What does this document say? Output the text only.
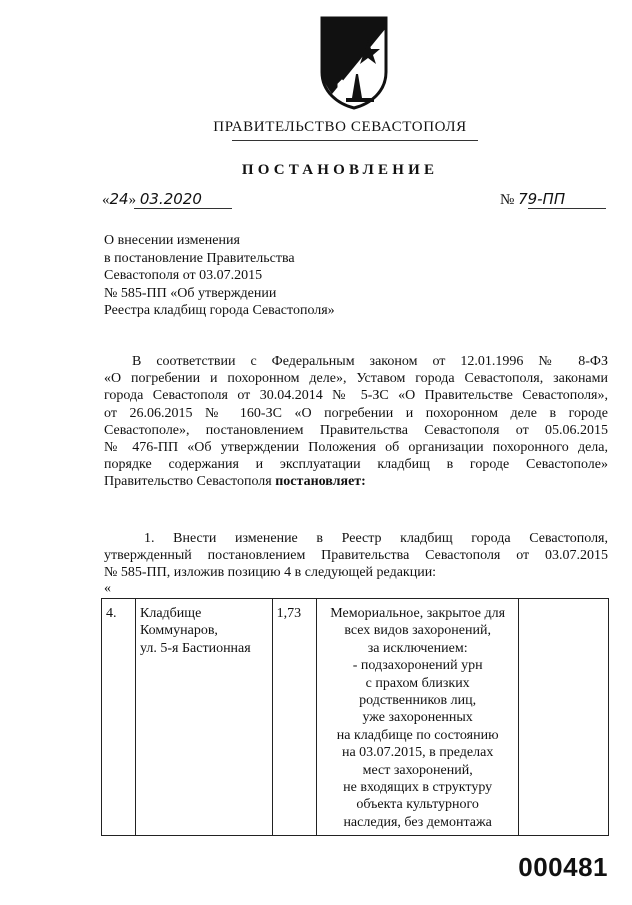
ПРАВИТЕЛЬСТВО СЕВАСТОПОЛЯ
ПОСТАНОВЛЕНИЕ
«24» 03.2020	№ 79-ПП
О внесении изменения
в постановление Правительства
Севастополя от 03.07.2015
№ 585-ПП «Об утверждении
Реестра кладбищ города Севастополя»
В соответствии с Федеральным законом от 12.01.1996 № 8-ФЗ
«О погребении и похоронном деле», Уставом города Севастополя, законами
города Севастополя от 30.04.2014 № 5-ЗС «О Правительстве Севастополя»,
от 26.06.2015 № 160-ЗС «О погребении и похоронном деле в городе
Севастополе», постановлением Правительства Севастополя от 05.06.2015
№ 476-ПП «Об утверждении Положения об организации похоронного дела,
порядке содержания и эксплуатации кладбищ в городе Севастополе»
Правительство Севастополя постановляет:
1. Внести изменение в Реестр кладбищ города Севастополя,
утвержденный постановлением Правительства Севастополя от 03.07.2015
№ 585-ПП, изложив позицию 4 в следующей редакции:
«
4.	Кладбище
Коммунаров,
ул. 5-я Бастионная
	1,73	Мемориальное, закрытое для
всех видов захоронений,
за исключением:
- подзахоронений урн
с прахом близких
родственников лиц,
уже захороненных
на кладбище по состоянию
на 03.07.2015, в пределах
мест захоронений,
не входящих в структуру
объекта культурного
наследия, без демонтажа

000481
